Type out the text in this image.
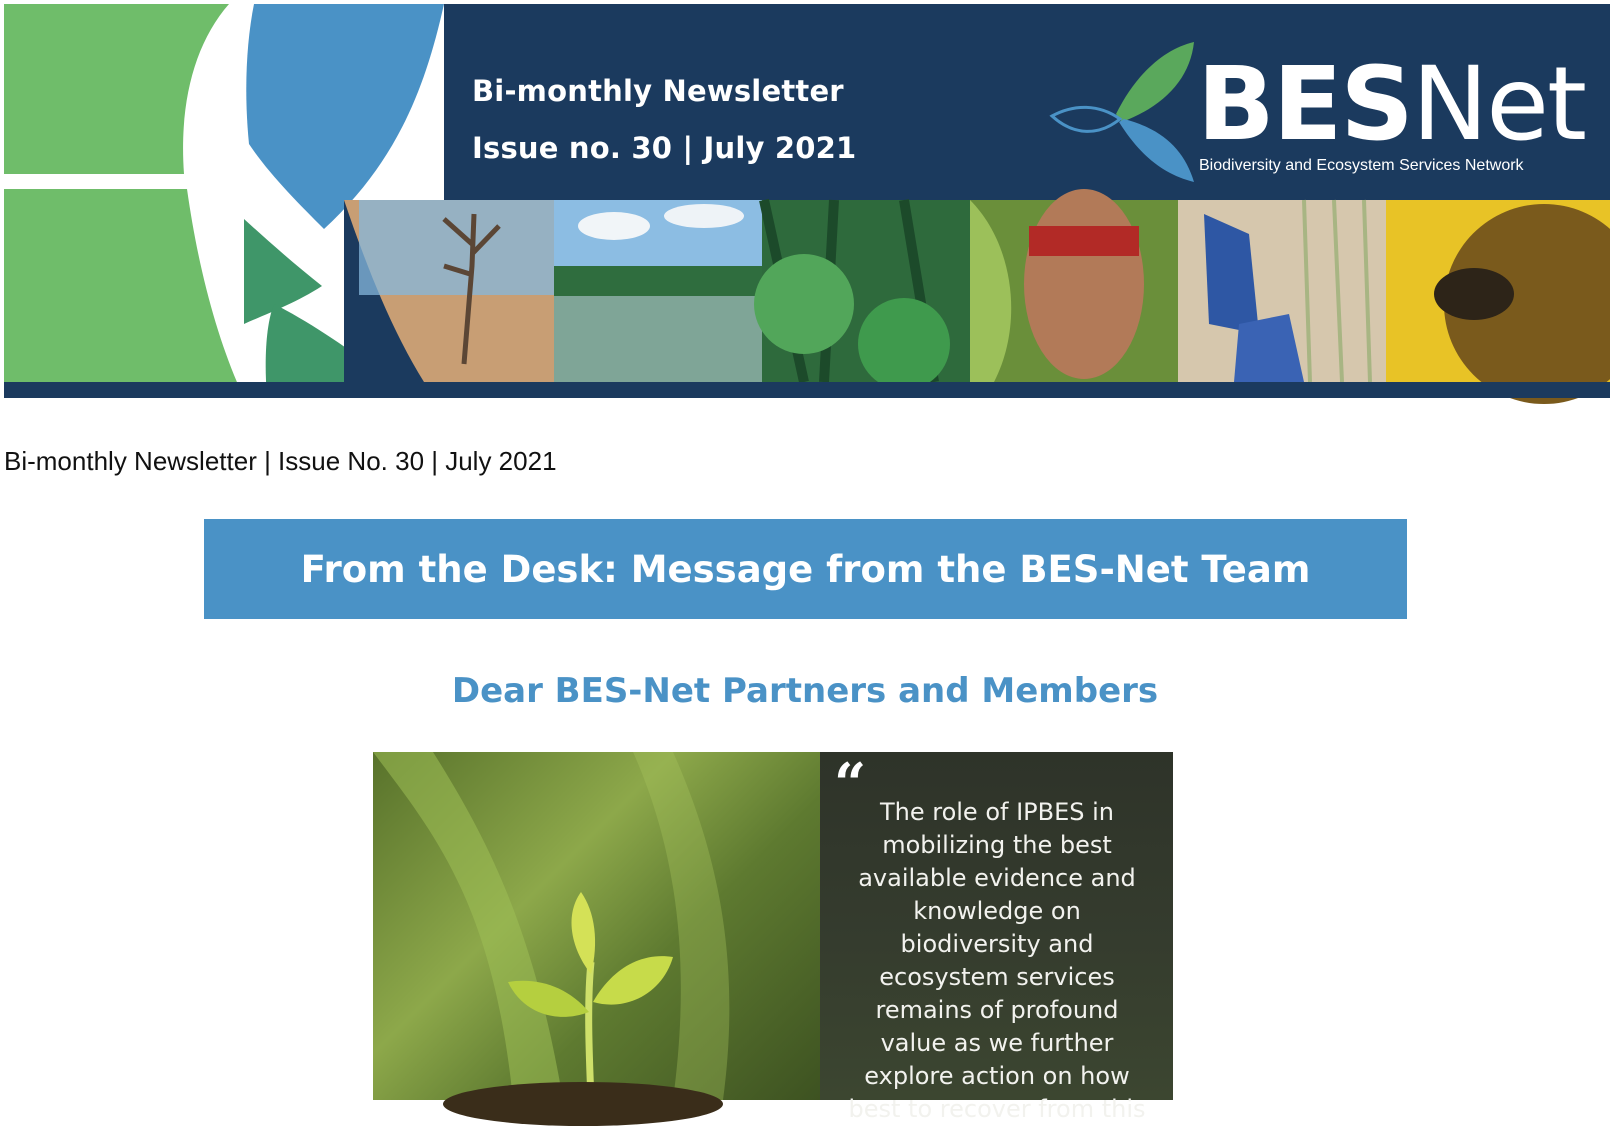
Bi-monthly Newsletter
Issue no. 30 | July 2021	BESNet
Biodiversity and Ecosystem Services Network
Bi-monthly Newsletter | Issue No. 30 | July 2021
From the Desk: Message from the BES-Net Team
Dear BES-Net Partners and Members
“ The role of IPBES in
mobilizing the best
available evidence and
knowledge on
biodiversity and
ecosystem services
remains of profound
value as we further
explore action on how
best to recover from this
